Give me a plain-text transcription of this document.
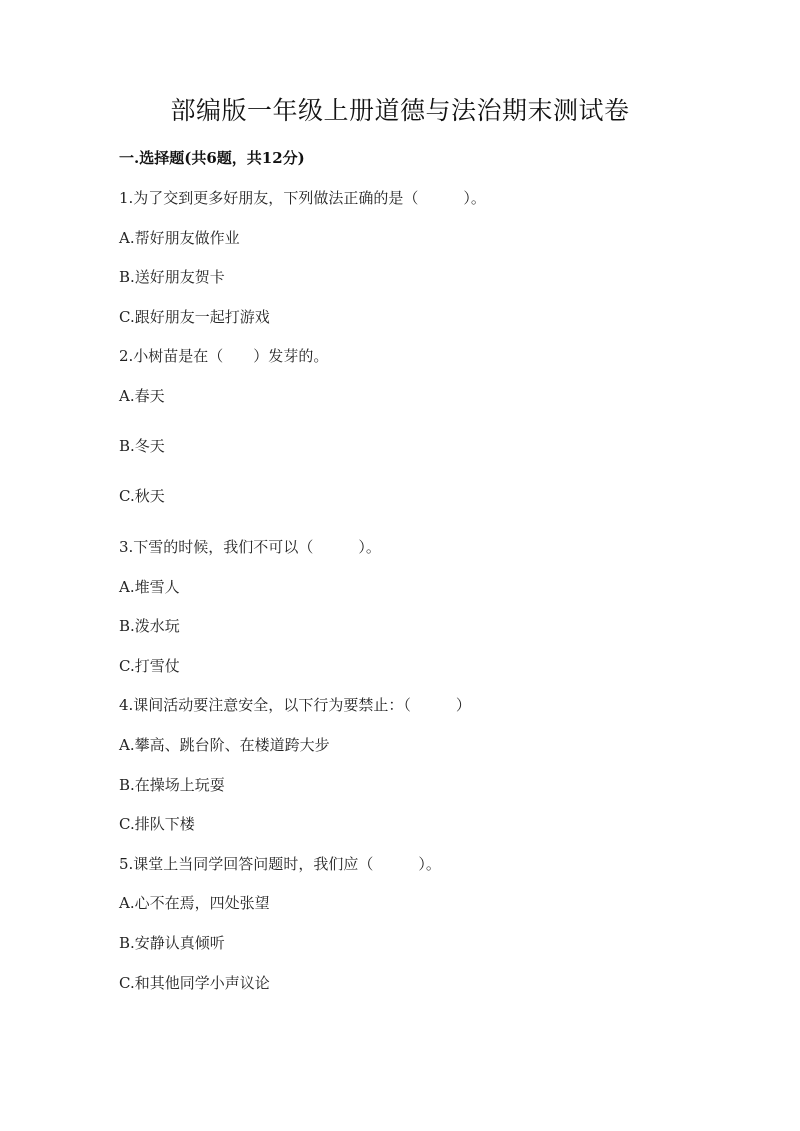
部编版一年级上册道德与法治期末测试卷
一.选择题(共6题，共12分)
1.为了交到更多好朋友，下列做法正确的是（　　　）。
A.帮好朋友做作业
B.送好朋友贺卡
C.跟好朋友一起打游戏
2.小树苗是在（　　）发芽的。
A.春天
B.冬天
C.秋天
3.下雪的时候，我们不可以（　　　）。
A.堆雪人
B.泼水玩
C.打雪仗
4.课间活动要注意安全，以下行为要禁止：（　　　）
A.攀高、跳台阶、在楼道跨大步
B.在操场上玩耍
C.排队下楼
5.课堂上当同学回答问题时，我们应（　　　）。
A.心不在焉，四处张望
B.安静认真倾听
C.和其他同学小声议论
